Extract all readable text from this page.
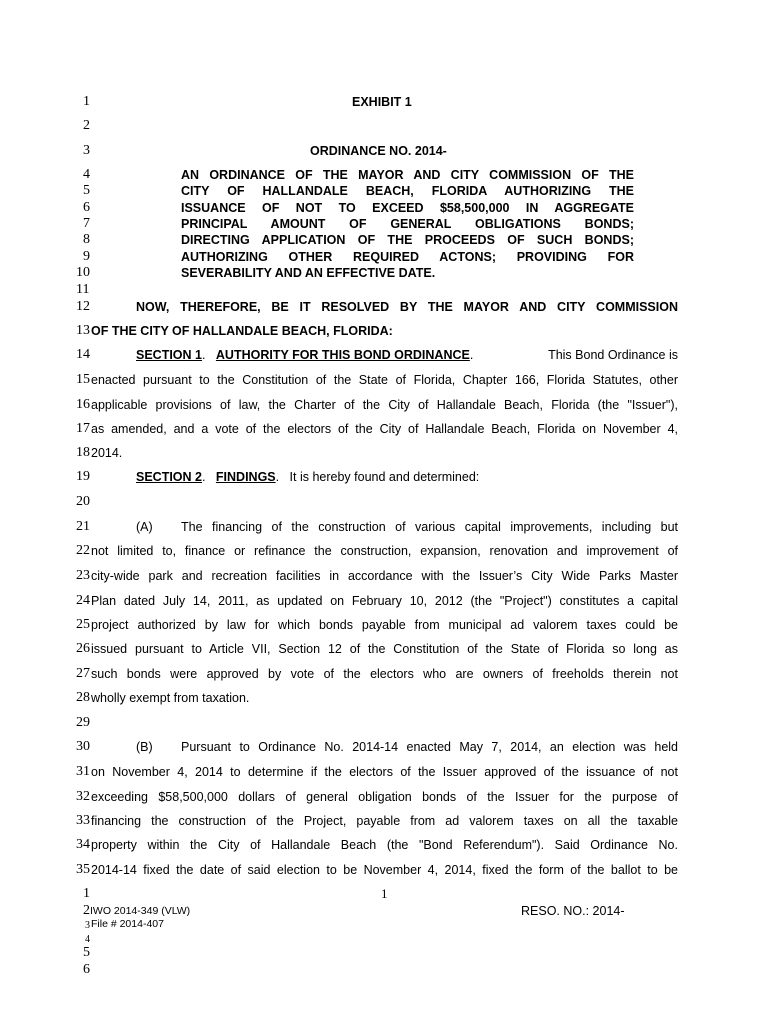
1
2
3
4
5
6
7
8
9
10
11
12
13
14
15
16
17
18
19
20
21
22
23
24
25
26
27
28
29
30
31
32
33
34
35
EXHIBIT 1
ORDINANCE NO. 2014-
AN ORDINANCE OF THE MAYOR AND CITY COMMISSION OF THE
CITY OF HALLANDALE BEACH, FLORIDA AUTHORIZING THE
ISSUANCE OF NOT TO EXCEED $58,500,000 IN AGGREGATE
PRINCIPAL AMOUNT OF GENERAL OBLIGATIONS BONDS;
DIRECTING APPLICATION OF THE PROCEEDS OF SUCH BONDS;
AUTHORIZING OTHER REQUIRED ACTONS; PROVIDING FOR
SEVERABILITY AND AN EFFECTIVE DATE.
NOW, THEREFORE, BE IT RESOLVED BY THE MAYOR AND CITY COMMISSION
OF THE CITY OF HALLANDALE BEACH, FLORIDA:
SECTION 1.   AUTHORITY FOR THIS BOND ORDINANCE.	This Bond Ordinance is
enacted pursuant to the Constitution of the State of Florida, Chapter 166, Florida Statutes, other
applicable provisions of law, the Charter of the City of Hallandale Beach, Florida (the "Issuer"),
as amended, and a vote of the electors of the City of Hallandale Beach, Florida on November 4,
2014.
SECTION 2.   FINDINGS.   It is hereby found and determined:
(A) The financing of the construction of various capital improvements, including but
not limited to, finance or refinance the construction, expansion, renovation and improvement of
city-wide park and recreation facilities in accordance with the Issuer’s City Wide Parks Master
Plan dated July 14, 2011, as updated on February 10, 2012 (the "Project") constitutes a capital
project authorized by law for which bonds payable from municipal ad valorem taxes could be
issued pursuant to Article VII, Section 12 of the Constitution of the State of Florida so long as
such bonds were approved by vote of the electors who are owners of freeholds therein not
wholly exempt from taxation.
(B) Pursuant to Ordinance No. 2014-14 enacted May 7, 2014, an election was held
on November 4, 2014 to determine if the electors of the Issuer approved of the issuance of not
exceeding $58,500,000 dollars of general obligation bonds of the Issuer for the purpose of
financing the construction of the Project, payable from ad valorem taxes on all the taxable
property within the City of Hallandale Beach (the "Bond Referendum"). Said Ordinance No.
2014-14 fixed the date of said election to be November 4, 2014, fixed the form of the ballot to be
1	1
2 IWO 2014-349 (VLW)	RESO. NO.: 2014-
3 File # 2014-407
4
5
6
